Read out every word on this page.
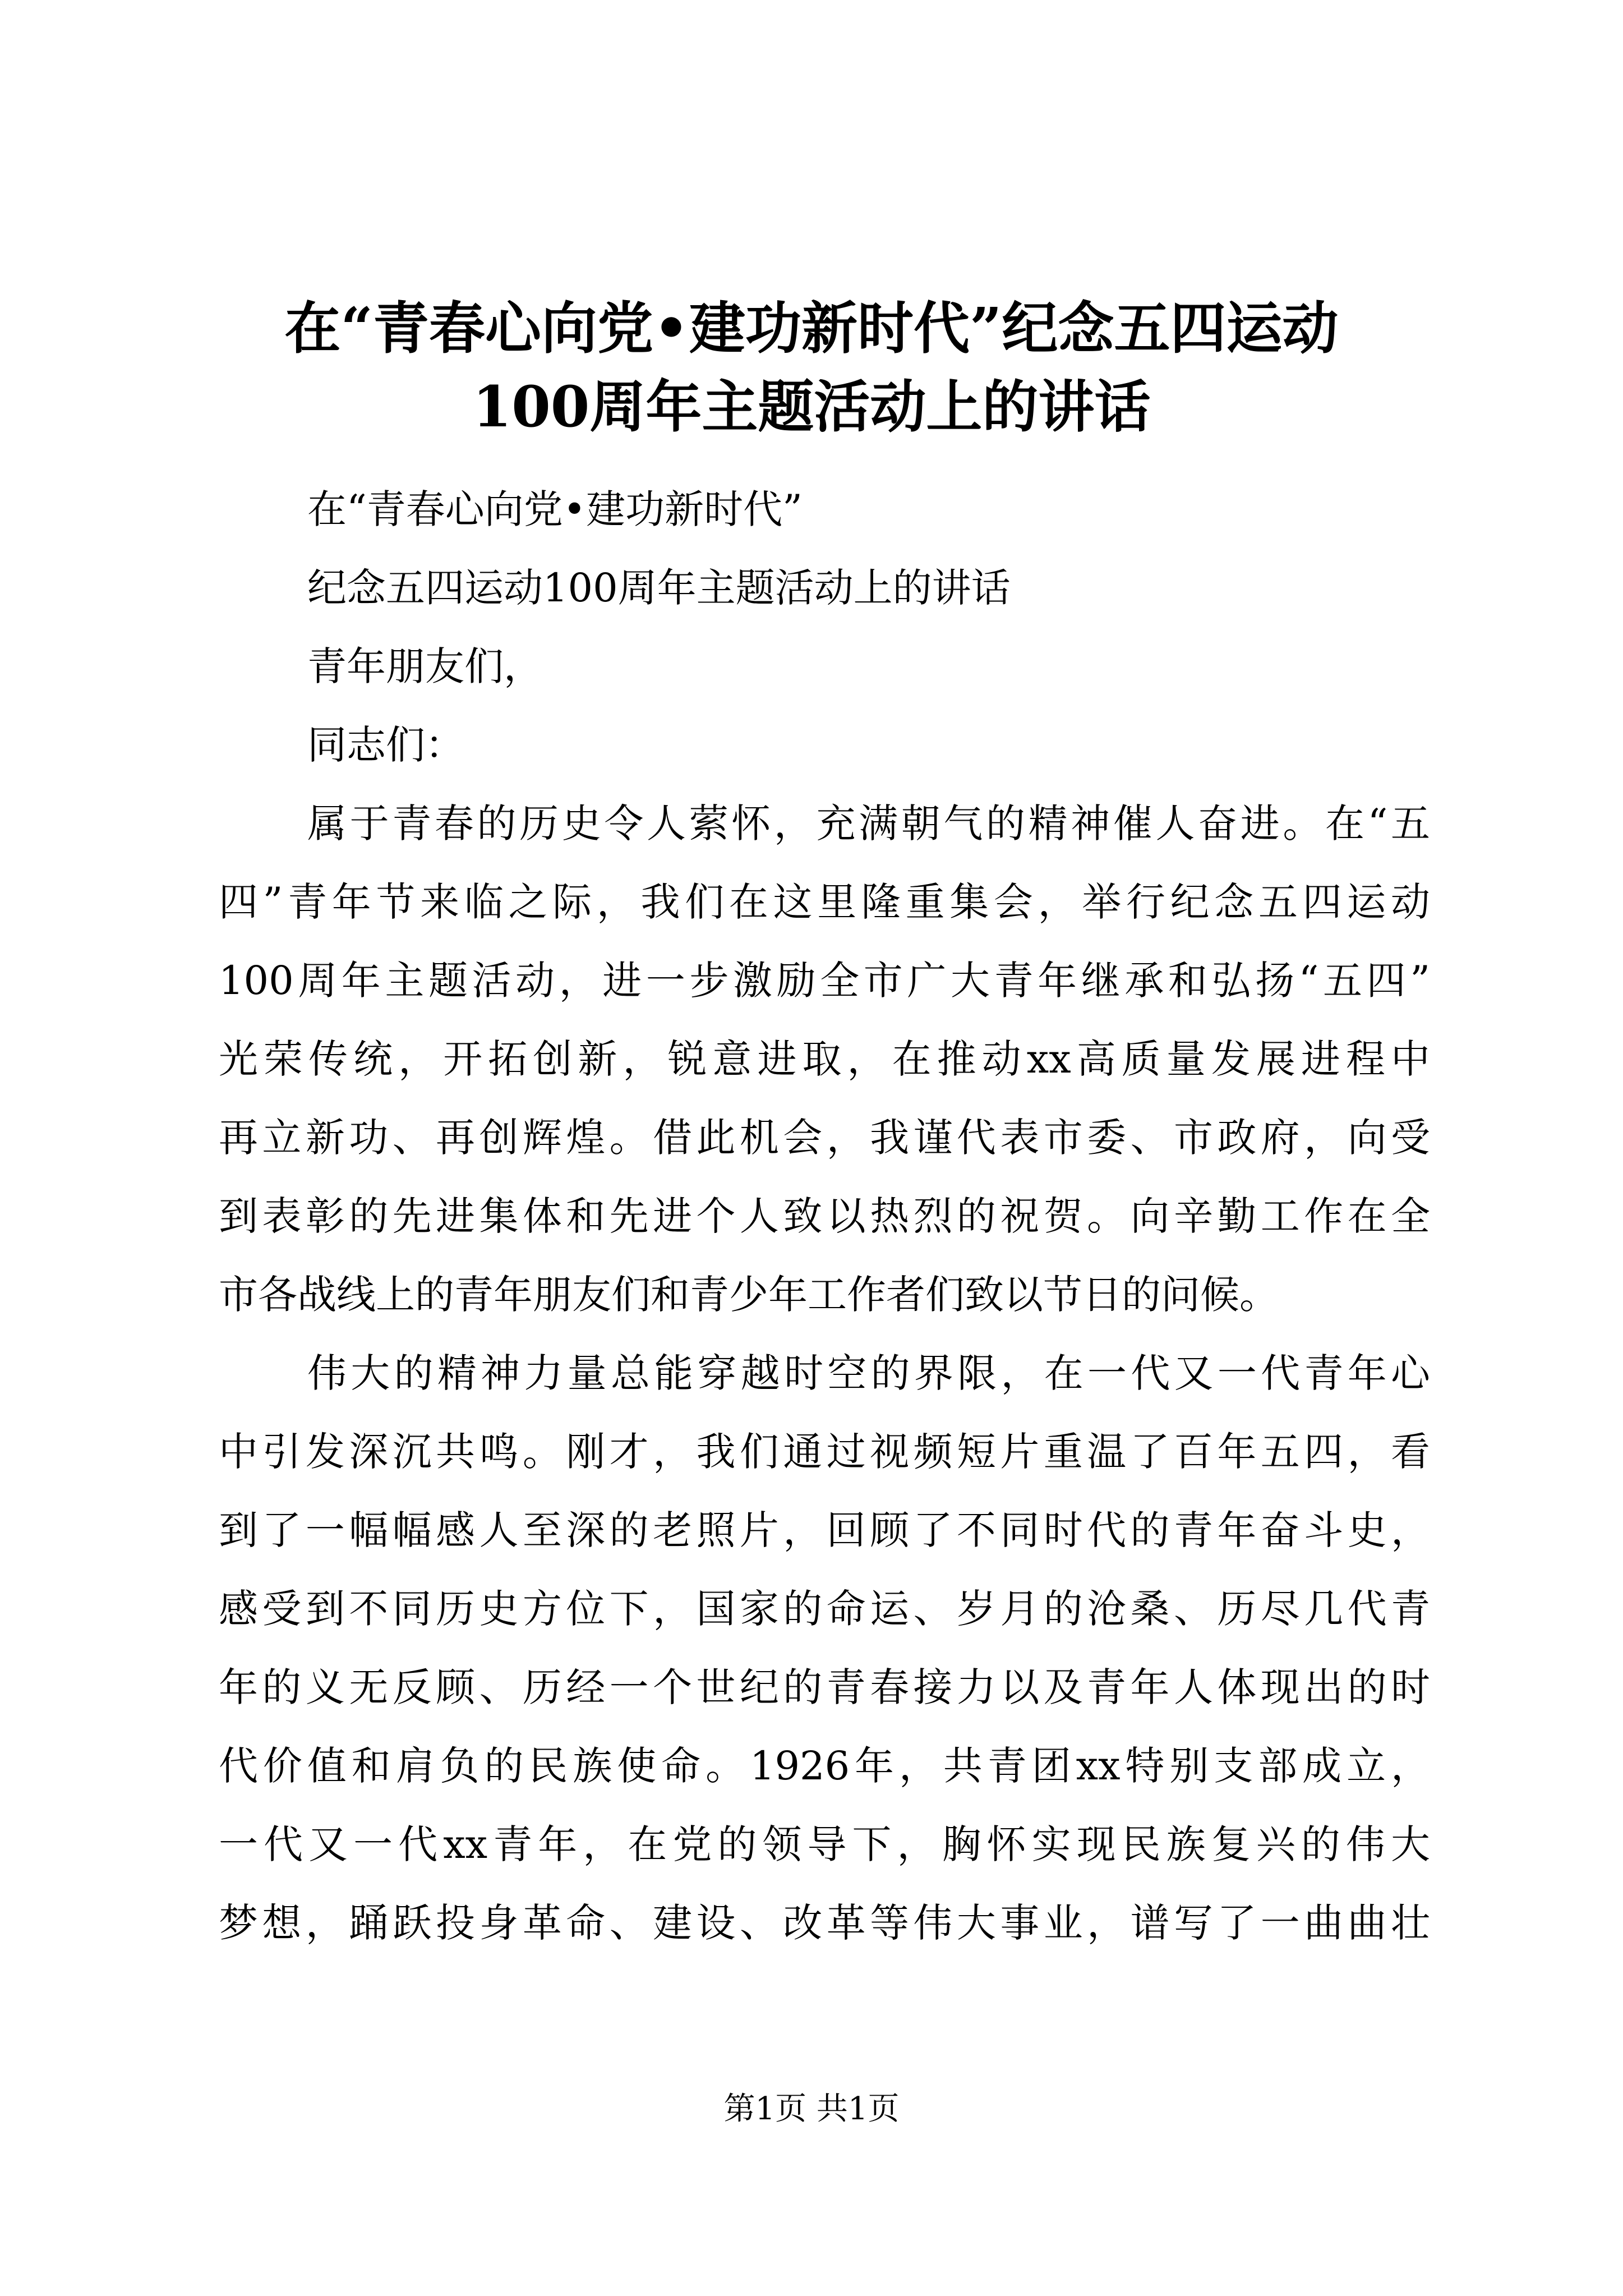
在“青春心向党•建功新时代”纪念五四运动
100周年主题活动上的讲话
在“青春心向党•建功新时代”
纪念五四运动100周年主题活动上的讲话
青年朋友们，
同志们：
属于青春的历史令人萦怀，充满朝气的精神催人奋进。在“五
四”青年节来临之际，我们在这里隆重集会，举行纪念五四运动
100周年主题活动，进一步激励全市广大青年继承和弘扬“五四”
光荣传统，开拓创新，锐意进取，在推动xx高质量发展进程中
再立新功、再创辉煌。借此机会，我谨代表市委、市政府，向受
到表彰的先进集体和先进个人致以热烈的祝贺。向辛勤工作在全
市各战线上的青年朋友们和青少年工作者们致以节日的问候。
伟大的精神力量总能穿越时空的界限，在一代又一代青年心
中引发深沉共鸣。刚才，我们通过视频短片重温了百年五四，看
到了一幅幅感人至深的老照片，回顾了不同时代的青年奋斗史，
感受到不同历史方位下，国家的命运、岁月的沧桑、历尽几代青
年的义无反顾、历经一个世纪的青春接力以及青年人体现出的时
代价值和肩负的民族使命。1926年，共青团xx特别支部成立，
一代又一代xx青年，在党的领导下，胸怀实现民族复兴的伟大
梦想，踊跃投身革命、建设、改革等伟大事业，谱写了一曲曲壮
第1页 共1页
